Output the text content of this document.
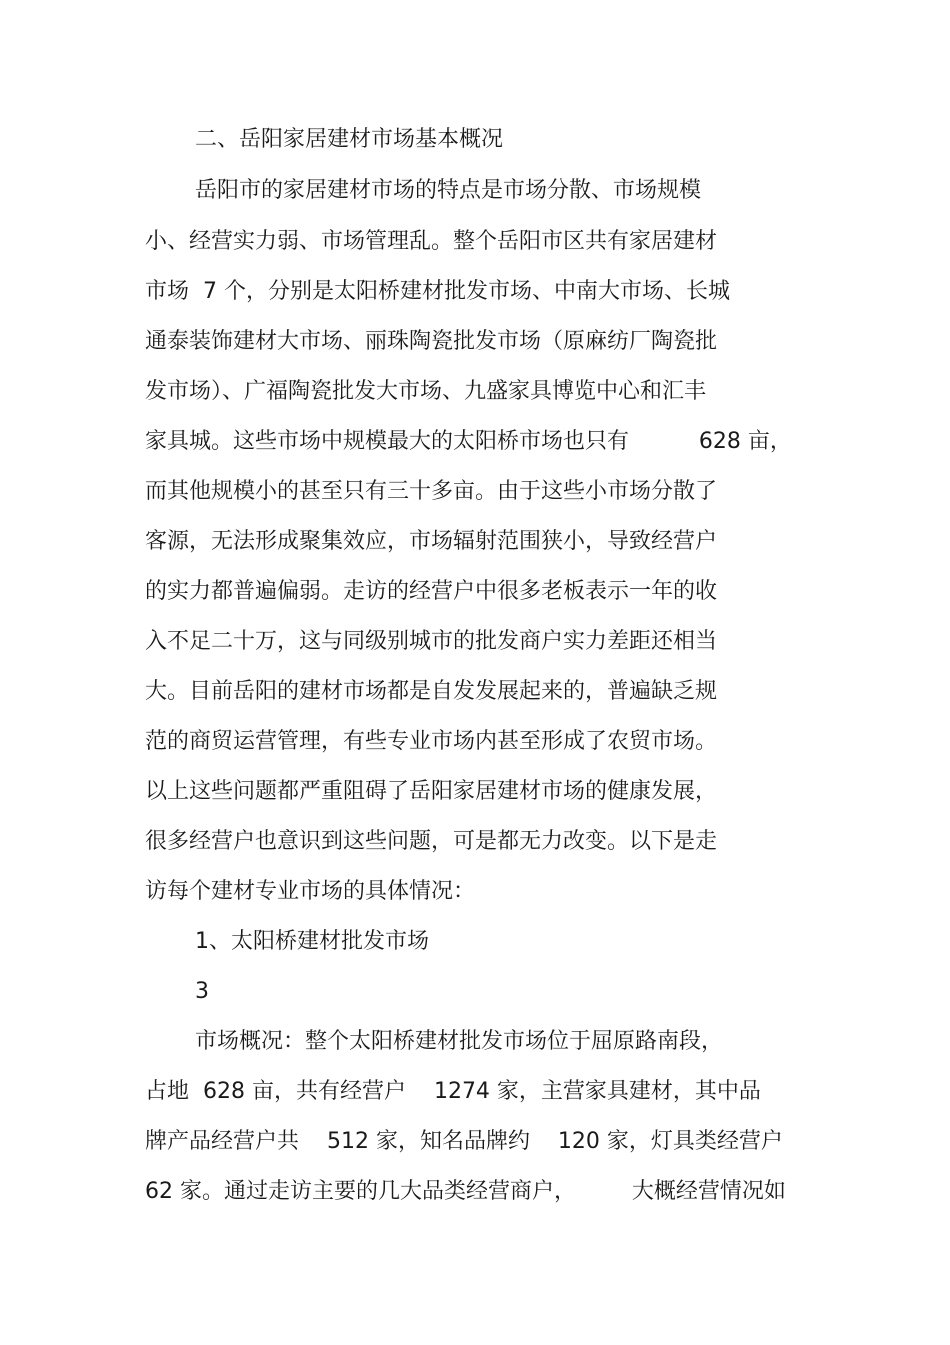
二、岳阳家居建材市场基本概况
岳阳市的家居建材市场的特点是市场分散、市场规模
小、经营实力弱、市场管理乱。整个岳阳市区共有家居建材
市场  7 个，分别是太阳桥建材批发市场、中南大市场、长城
通泰装饰建材大市场、丽珠陶瓷批发市场（原麻纺厂陶瓷批
发市场）、广福陶瓷批发大市场、九盛家具博览中心和汇丰
家具城。这些市场中规模最大的太阳桥市场也只有          628 亩，
而其他规模小的甚至只有三十多亩。由于这些小市场分散了
客源，无法形成聚集效应，市场辐射范围狭小，导致经营户
的实力都普遍偏弱。走访的经营户中很多老板表示一年的收
入不足二十万，这与同级别城市的批发商户实力差距还相当
大。目前岳阳的建材市场都是自发发展起来的，普遍缺乏规
范的商贸运营管理，有些专业市场内甚至形成了农贸市场。
以上这些问题都严重阻碍了岳阳家居建材市场的健康发展，
很多经营户也意识到这些问题，可是都无力改变。以下是走
访每个建材专业市场的具体情况：
1、太阳桥建材批发市场
3
市场概况：整个太阳桥建材批发市场位于屈原路南段，
占地  628 亩，共有经营户    1274 家，主营家具建材，其中品
牌产品经营户共    512 家，知名品牌约    120 家，灯具类经营户
62 家。通过走访主要的几大品类经营商户，        大概经营情况如
